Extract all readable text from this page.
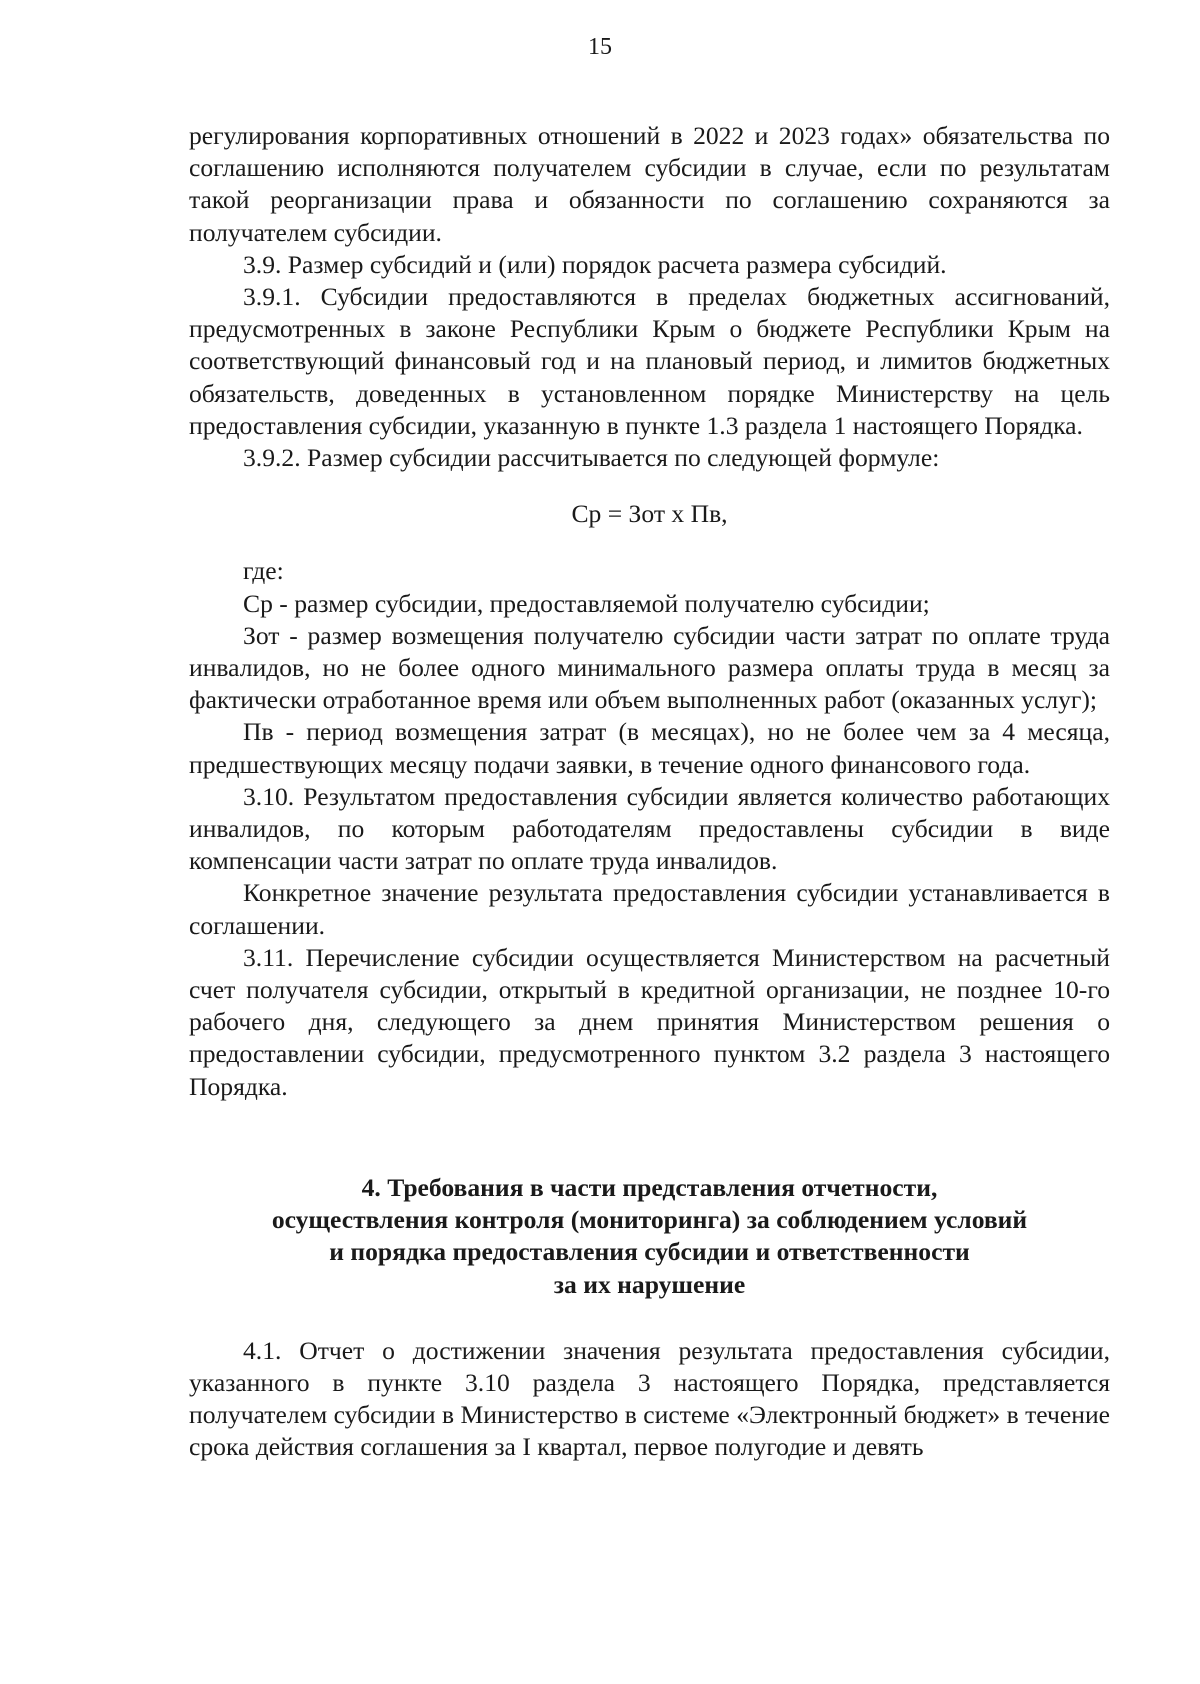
15

регулирования корпоративных отношений в 2022 и 2023 годах» обязательства по соглашению исполняются получателем субсидии в случае, если по результатам такой реорганизации права и обязанности по соглашению сохраняются за получателем субсидии.

3.9. Размер субсидий и (или) порядок расчета размера субсидий.

3.9.1. Субсидии предоставляются в пределах бюджетных ассигнований, предусмотренных в законе Республики Крым о бюджете Республики Крым на соответствующий финансовый год и на плановый период, и лимитов бюджетных обязательств, доведенных в установленном порядке Министерству на цель предоставления субсидии, указанную в пункте 1.3 раздела 1 настоящего Порядка.

3.9.2. Размер субсидии рассчитывается по следующей формуле:

Ср = Зот х Пв,

где:

Ср - размер субсидии, предоставляемой получателю субсидии;

Зот - размер возмещения получателю субсидии части затрат по оплате труда инвалидов, но не более одного минимального размера оплаты труда в месяц за фактически отработанное время или объем выполненных работ (оказанных услуг);

Пв - период возмещения затрат (в месяцах), но не более чем за 4 месяца, предшествующих месяцу подачи заявки, в течение одного финансового года.

3.10. Результатом предоставления субсидии является количество работающих инвалидов, по которым работодателям предоставлены субсидии в виде компенсации части затрат по оплате труда инвалидов.

Конкретное значение результата предоставления субсидии устанавливается в соглашении.

3.11. Перечисление субсидии осуществляется Министерством на расчетный счет получателя субсидии, открытый в кредитной организации, не позднее 10-го рабочего дня, следующего за днем принятия Министерством решения о предоставлении субсидии, предусмотренного пунктом 3.2 раздела 3 настоящего Порядка.

4. Требования в части представления отчетности,
осуществления контроля (мониторинга) за соблюдением условий
и порядка предоставления субсидии и ответственности
за их нарушение

4.1. Отчет о достижении значения результата предоставления субсидии, указанного в пункте 3.10 раздела 3 настоящего Порядка, представляется получателем субсидии в Министерство в системе «Электронный бюджет» в течение срока действия соглашения за I квартал, первое полугодие и девять
